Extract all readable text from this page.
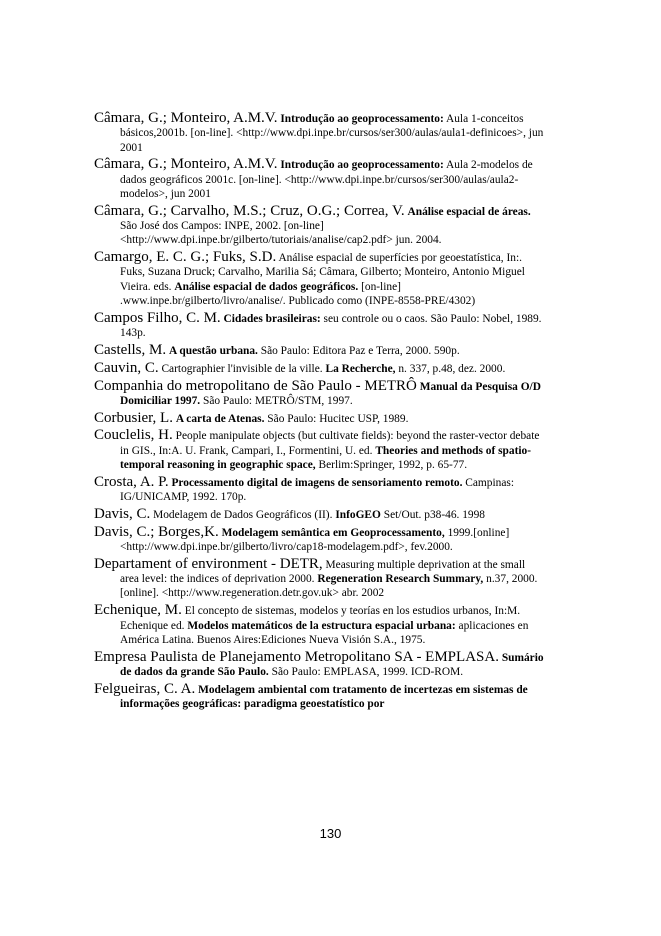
Câmara, G.; Monteiro, A.M.V. Introdução ao geoprocessamento: Aula 1-conceitos básicos,2001b. [on-line]. <http://www.dpi.inpe.br/cursos/ser300/aulas/aula1-definicoes>, jun 2001

Câmara, G.; Monteiro, A.M.V. Introdução ao geoprocessamento: Aula 2-modelos de dados geográficos 2001c. [on-line]. <http://www.dpi.inpe.br/cursos/ser300/aulas/aula2-modelos>, jun 2001

Câmara, G.; Carvalho, M.S.; Cruz, O.G.; Correa, V. Análise espacial de áreas. São José dos Campos: INPE, 2002. [on-line] <http://www.dpi.inpe.br/gilberto/tutoriais/analise/cap2.pdf> jun. 2004.

Camargo, E. C. G.; Fuks, S.D. Análise espacial de superfícies por geoestatística, In:. Fuks, Suzana Druck; Carvalho, Marilia Sá; Câmara, Gilberto; Monteiro, Antonio Miguel Vieira. eds. Análise espacial de dados geográficos. [on-line] .www.inpe.br/gilberto/livro/analise/. Publicado como (INPE-8558-PRE/4302)

Campos Filho, C. M. Cidades brasileiras: seu controle ou o caos. São Paulo: Nobel, 1989. 143p.

Castells, M. A questão urbana. São Paulo: Editora Paz e Terra, 2000. 590p.

Cauvin, C. Cartographier l'invisible de la ville. La Recherche, n. 337, p.48, dez. 2000.

Companhia do metropolitano de São Paulo - METRÔ Manual da Pesquisa O/D Domiciliar 1997. São Paulo: METRÔ/STM, 1997.

Corbusier, L. A carta de Atenas. São Paulo: Hucitec USP, 1989.

Couclelis, H. People manipulate objects (but cultivate fields): beyond the raster-vector debate in GIS., In:A. U. Frank, Campari, I., Formentini, U. ed. Theories and methods of spatio-temporal reasoning in geographic space, Berlim:Springer, 1992, p. 65-77.

Crosta, A. P. Processamento digital de imagens de sensoriamento remoto. Campinas: IG/UNICAMP, 1992. 170p.

Davis, C. Modelagem de Dados Geográficos (II). InfoGEO Set/Out. p38-46. 1998

Davis, C.; Borges,K. Modelagem semântica em Geoprocessamento, 1999.[online] <http://www.dpi.inpe.br/gilberto/livro/cap18-modelagem.pdf>, fev.2000.

Departament of environment - DETR, Measuring multiple deprivation at the small area level: the indices of deprivation 2000. Regeneration Research Summary, n.37, 2000. [online]. <http://www.regeneration.detr.gov.uk> abr. 2002

Echenique, M. El concepto de sistemas, modelos y teorías en los estudios urbanos, In:M. Echenique ed. Modelos matemáticos de la estructura espacial urbana: aplicaciones en América Latina. Buenos Aires:Ediciones Nueva Visión S.A., 1975.

Empresa Paulista de Planejamento Metropolitano SA - EMPLASA. Sumário de dados da grande São Paulo. São Paulo: EMPLASA, 1999. ICD-ROM.

Felgueiras, C. A. Modelagem ambiental com tratamento de incertezas em sistemas de informações geográficas: paradigma geoestatístico por

130
